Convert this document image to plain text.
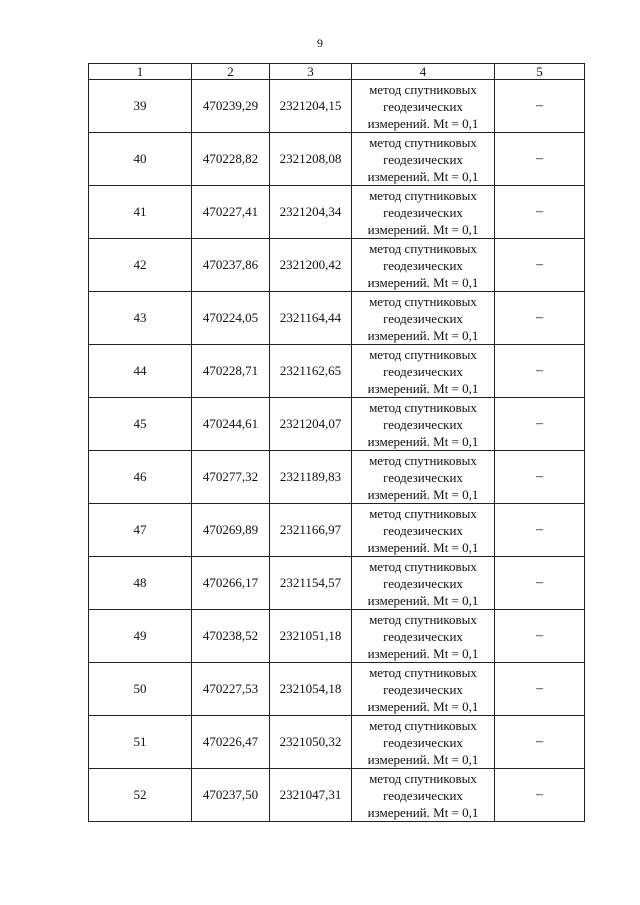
9
1	2	3	4	5
39	470239,29	2321204,15	метод спутниковых
геодезических
измерений. Mt = 0,1	–
40	470228,82	2321208,08	метод спутниковых
геодезических
измерений. Mt = 0,1	–
41	470227,41	2321204,34	метод спутниковых
геодезических
измерений. Mt = 0,1	–
42	470237,86	2321200,42	метод спутниковых
геодезических
измерений. Mt = 0,1	–
43	470224,05	2321164,44	метод спутниковых
геодезических
измерений. Mt = 0,1	–
44	470228,71	2321162,65	метод спутниковых
геодезических
измерений. Mt = 0,1	–
45	470244,61	2321204,07	метод спутниковых
геодезических
измерений. Mt = 0,1	–
46	470277,32	2321189,83	метод спутниковых
геодезических
измерений. Mt = 0,1	–
47	470269,89	2321166,97	метод спутниковых
геодезических
измерений. Mt = 0,1	–
48	470266,17	2321154,57	метод спутниковых
геодезических
измерений. Mt = 0,1	–
49	470238,52	2321051,18	метод спутниковых
геодезических
измерений. Mt = 0,1	–
50	470227,53	2321054,18	метод спутниковых
геодезических
измерений. Mt = 0,1	–
51	470226,47	2321050,32	метод спутниковых
геодезических
измерений. Mt = 0,1	–
52	470237,50	2321047,31	метод спутниковых
геодезических
измерений. Mt = 0,1	–
